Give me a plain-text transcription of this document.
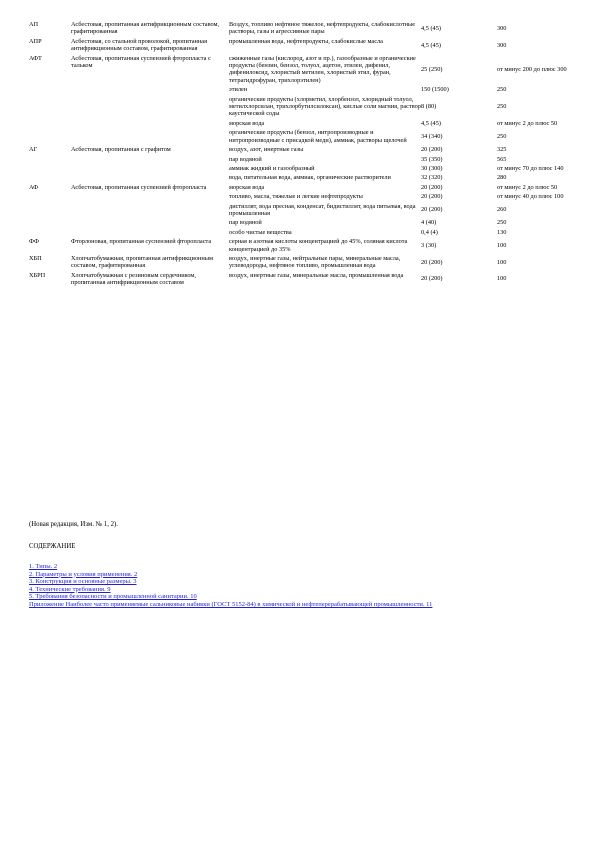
АП	Асбестовая, пропитанная антифрикционным составом, графитированная	Воздух, топливо нефтяное тяжелое, нефтепродукты, слабокислотные растворы, газы и агрессивные пары	4,5 (45)	300
АПР	Асбестовая, со стальной проволокой, пропитанная антифрикционным составом, графитированная	промышленная вода, нефтепродукты, слабокислые масла	4,5 (45)	300
АФТ	Асбестовая, пропитанная суспензией фторопласта с тальком	сжиженные газы (кислород, азот и пр.), газообразные и органические продукты (бензин, бензол, толуол, ацетон, этилен, дифенил, дифенилоксид, хлористый метилен, хлористый этил, фуран, тетрагидрофуран, трихлорэтилен)	25 (250)	от минус 200 до плюс 300
		этилен	150 (1500)	250
		органические продукты (хлорметил, хлорбензол, хлоридный толуол, метилхлорсилан, трихлорбутилсилоксан), кислые соли магния, раствор каустической соды	8 (80)	250
		морская вода	4,5 (45)	от минус 2 до плюс 50
		органические продукты (бензол, нитропроизводные и нитропроизводные с присадкой меди), аммиак, растворы щелочей	34 (340)	250
АГ	Асбестовая, пропитанная с графитом	воздух, азот, инертные газы	20 (200)	325
		пар водяной	35 (350)	565
		аммиак жидкий и газообразный	30 (300)	от минус 70 до плюс 140
		вода, питательная вода, аммиак, органические растворители	32 (320)	280
АФ	Асбестовая, пропитанная суспензией фторопласта	морская вода	20 (200)	от минус 2 до плюс 50
		топливо, масла, тяжелые и легкие нефтепродукты	20 (200)	от минус 40 до плюс 100
		дистиллят, вода пресная, конденсат, бидистиллят, вода питьевая, вода промышленная	20 (200)	260
		пар водяной	4 (40)	250
		особо чистые вещества	0,4 (4)	130
ФФ	Фторлоновая, пропитанная суспензией фторопласта	серная и азотная кислоты концентрацией до 45%, соляная кислота концентрацией до 35%	3 (30)	100
ХБП	Хлопчатобумажная, пропитанная антифрикционным составом, графитированная	воздух, инертные газы, нейтральные пары, минеральные масла, углеводороды, нефтяное топливо, промышленная вода	20 (200)	100
ХБРП	Хлопчатобумажная с резиновым сердечником, пропитанная антифрикционным составом	воздух, инертные газы, минеральные масла, промышленная вода	20 (200)	100
(Новая редакция, Изм. № 1, 2).
СОДЕРЖАНИЕ
1. Типы. 2
2. Параметры и условия применения. 2
3. Конструкция и основные размеры. 3
4. Технические требования. 9
5. Требования безопасности и промышленной санитарии. 10
Приложение Наиболее часто применяемые сальниковые набивки (ГОСТ 5152-84) в химической и нефтеперерабатывающей промышленности. 11
